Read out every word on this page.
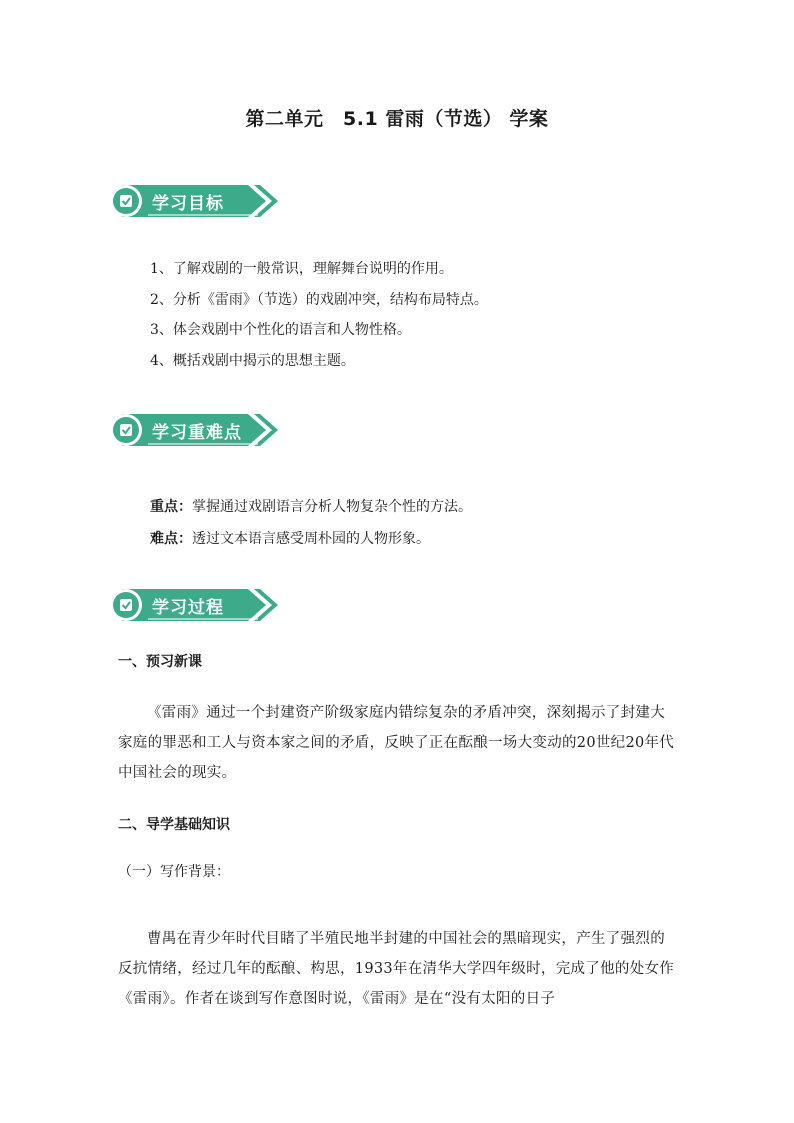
第二单元　5.1 雷雨（节选） 学案
学习目标
1、了解戏剧的一般常识，理解舞台说明的作用。
2、分析《雷雨》（节选）的戏剧冲突，结构布局特点。
3、体会戏剧中个性化的语言和人物性格。
4、概括戏剧中揭示的思想主题。
学习重难点
重点：掌握通过戏剧语言分析人物复杂个性的方法。
难点：透过文本语言感受周朴园的人物形象。
学习过程
一、预习新课
《雷雨》通过一个封建资产阶级家庭内错综复杂的矛盾冲突，深刻揭示了封建大家庭的罪恶和工人与资本家之间的矛盾，反映了正在酝酿一场大变动的20世纪20年代中国社会的现实。
二、导学基础知识
（一）写作背景：
曹禺在青少年时代目睹了半殖民地半封建的中国社会的黑暗现实，产生了强烈的反抗情绪，经过几年的酝酿、构思，1933年在清华大学四年级时，完成了他的处女作《雷雨》。作者在谈到写作意图时说，《雷雨》是在“没有太阳的日子
